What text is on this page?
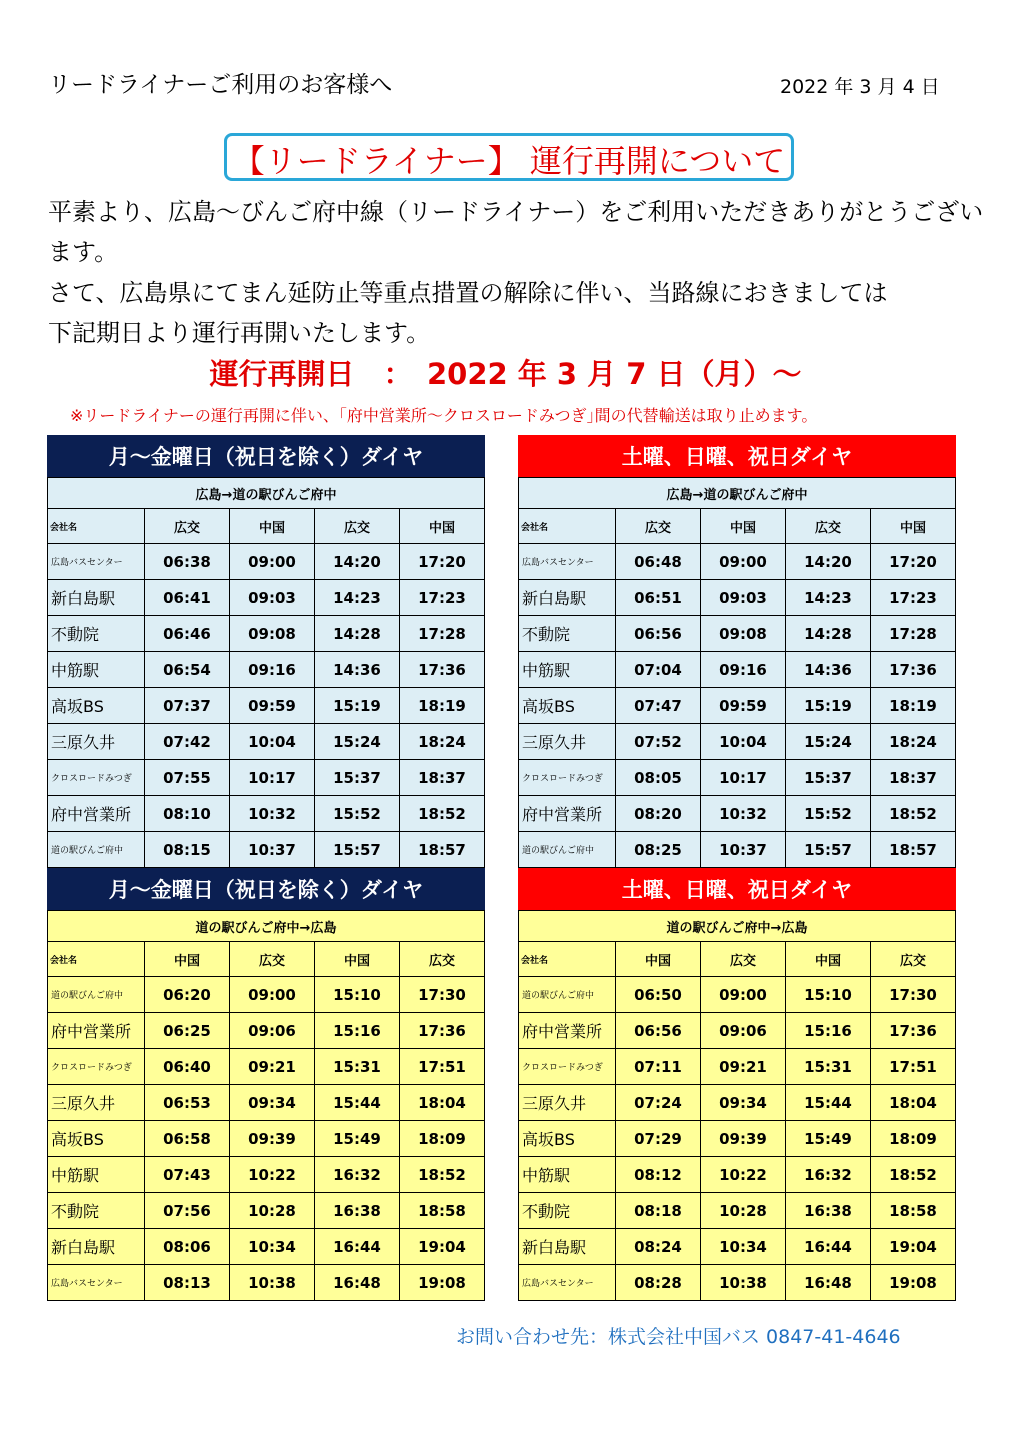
リードライナーご利用のお客様へ	2022 年 3 月 4 日
【リードライナー】 運行再開について
平素より、広島～びんご府中線（リードライナー）をご利用いただきありがとうござい
ます。
さて、広島県にてまん延防止等重点措置の解除に伴い、当路線におきましては
下記期日より運行再開いたします。
運行再開日　：　2022 年 3 月 7 日（月）～
※リードライナーの運行再開に伴い、｢府中営業所～クロスロードみつぎ｣間の代替輸送は取り止めます。
月～金曜日（祝日を除く）ダイヤ
広島→道の駅びんご府中				
会社名	広交	中国	広交	中国
広島バスセンター	06:38	09:00	14:20	17:20
新白島駅	06:41	09:03	14:23	17:23
不動院	06:46	09:08	14:28	17:28
中筋駅	06:54	09:16	14:36	17:36
高坂BS	07:37	09:59	15:19	18:19
三原久井	07:42	10:04	15:24	18:24
クロスロードみつぎ	07:55	10:17	15:37	18:37
府中営業所	08:10	10:32	15:52	18:52
道の駅びんご府中	08:15	10:37	15:57	18:57
土曜、日曜、祝日ダイヤ
広島→道の駅びんご府中				
会社名	広交	中国	広交	中国
広島バスセンター	06:48	09:00	14:20	17:20
新白島駅	06:51	09:03	14:23	17:23
不動院	06:56	09:08	14:28	17:28
中筋駅	07:04	09:16	14:36	17:36
高坂BS	07:47	09:59	15:19	18:19
三原久井	07:52	10:04	15:24	18:24
クロスロードみつぎ	08:05	10:17	15:37	18:37
府中営業所	08:20	10:32	15:52	18:52
道の駅びんご府中	08:25	10:37	15:57	18:57
月～金曜日（祝日を除く）ダイヤ
道の駅びんご府中→広島				
会社名	中国	広交	中国	広交
道の駅びんご府中	06:20	09:00	15:10	17:30
府中営業所	06:25	09:06	15:16	17:36
クロスロードみつぎ	06:40	09:21	15:31	17:51
三原久井	06:53	09:34	15:44	18:04
高坂BS	06:58	09:39	15:49	18:09
中筋駅	07:43	10:22	16:32	18:52
不動院	07:56	10:28	16:38	18:58
新白島駅	08:06	10:34	16:44	19:04
広島バスセンター	08:13	10:38	16:48	19:08
土曜、日曜、祝日ダイヤ
道の駅びんご府中→広島				
会社名	中国	広交	中国	広交
道の駅びんご府中	06:50	09:00	15:10	17:30
府中営業所	06:56	09:06	15:16	17:36
クロスロードみつぎ	07:11	09:21	15:31	17:51
三原久井	07:24	09:34	15:44	18:04
高坂BS	07:29	09:39	15:49	18:09
中筋駅	08:12	10:22	16:32	18:52
不動院	08:18	10:28	16:38	18:58
新白島駅	08:24	10:34	16:44	19:04
広島バスセンター	08:28	10:38	16:48	19:08
お問い合わせ先：株式会社中国バス 0847-41-4646
